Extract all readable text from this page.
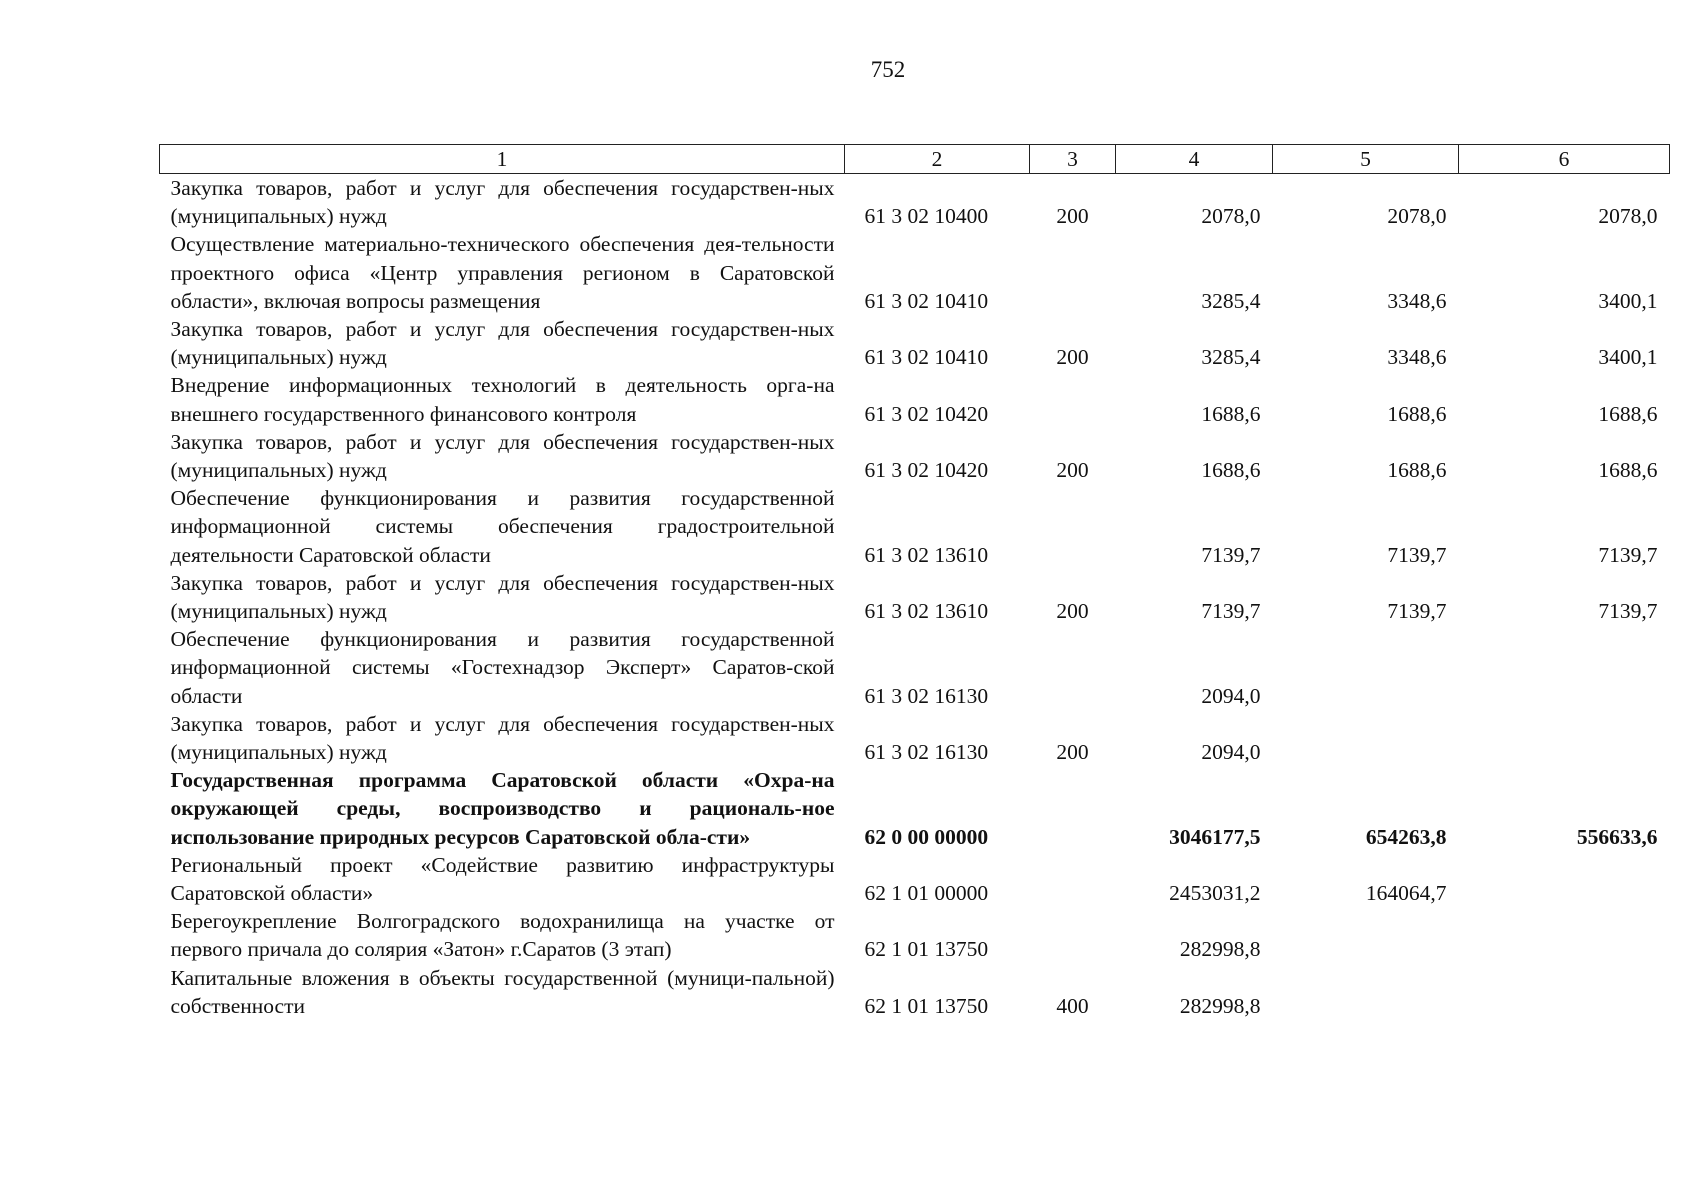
752
1	2	3	4	5	6
Закупка товаров, работ и услуг для обеспечения государствен-ных (муниципальных) нужд	61 3 02 10400	200	2078,0	2078,0	2078,0
Осуществление материально-технического обеспечения дея-тельности проектного офиса «Центр управления регионом в Саратовской области», включая вопросы размещения	61 3 02 10410		3285,4	3348,6	3400,1
Закупка товаров, работ и услуг для обеспечения государствен-ных (муниципальных) нужд	61 3 02 10410	200	3285,4	3348,6	3400,1
Внедрение информационных технологий в деятельность орга-на внешнего государственного финансового контроля	61 3 02 10420		1688,6	1688,6	1688,6
Закупка товаров, работ и услуг для обеспечения государствен-ных (муниципальных) нужд	61 3 02 10420	200	1688,6	1688,6	1688,6
Обеспечение функционирования и развития государственной информационной системы обеспечения градостроительной деятельности Саратовской области	61 3 02 13610		7139,7	7139,7	7139,7
Закупка товаров, работ и услуг для обеспечения государствен-ных (муниципальных) нужд	61 3 02 13610	200	7139,7	7139,7	7139,7
Обеспечение функционирования и развития государственной информационной системы «Гостехнадзор Эксперт» Саратов-ской области	61 3 02 16130		2094,0		
Закупка товаров, работ и услуг для обеспечения государствен-ных (муниципальных) нужд	61 3 02 16130	200	2094,0		
Государственная программа Саратовской области «Охра-на окружающей среды, воспроизводство и рациональ-ное использование природных ресурсов Саратовской обла-сти»	62 0 00 00000		3046177,5	654263,8	556633,6
Региональный проект «Содействие развитию инфраструктуры Саратовской области»	62 1 01 00000		2453031,2	164064,7	
Берегоукрепление Волгоградского водохранилища на участке от первого причала до солярия «Затон» г.Саратов (3 этап)	62 1 01 13750		282998,8		
Капитальные вложения в объекты государственной (муници-пальной) собственности	62 1 01 13750	400	282998,8		
